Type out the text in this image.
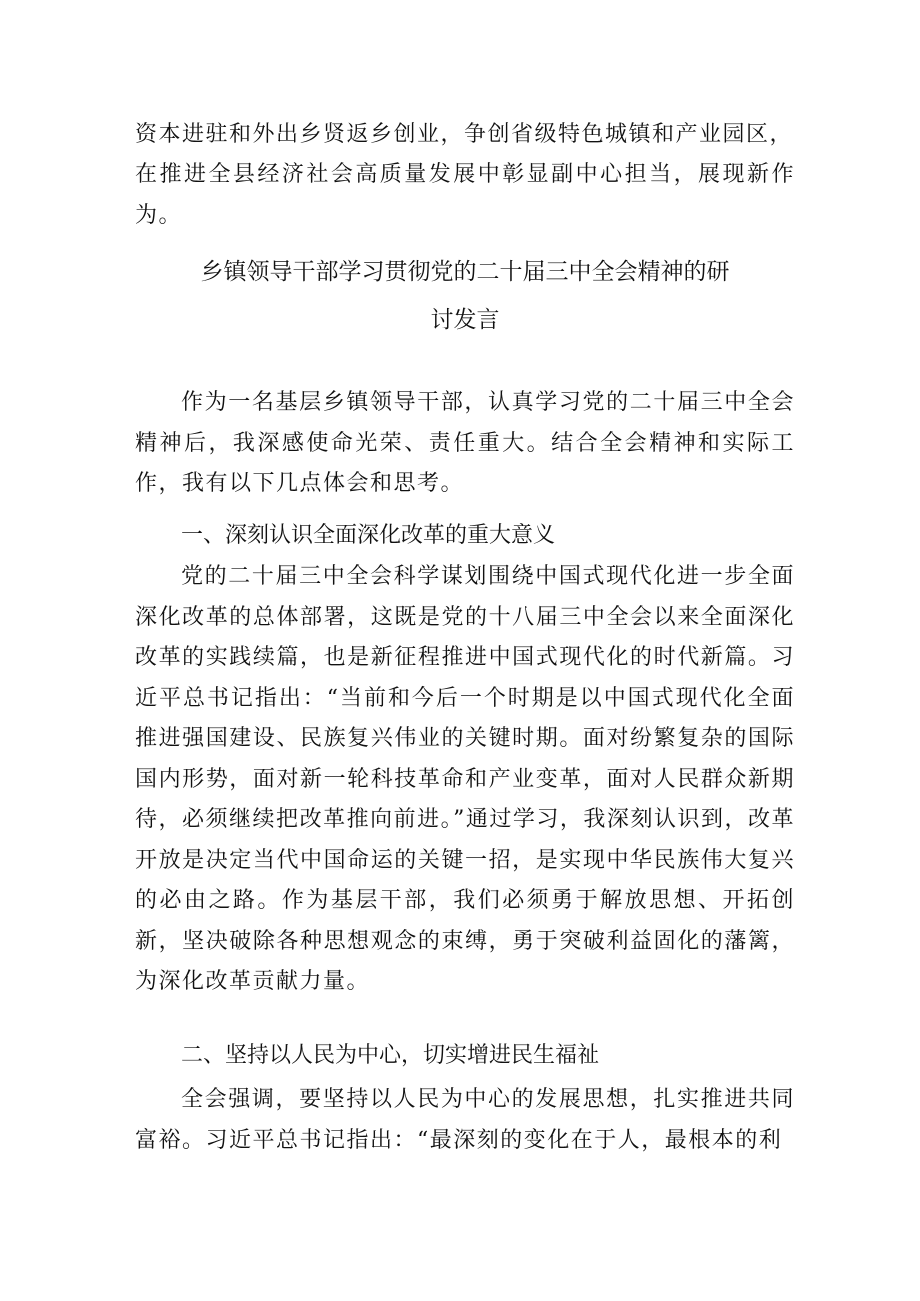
资本进驻和外出乡贤返乡创业，争创省级特色城镇和产业园区，

在推进全县经济社会高质量发展中彰显副中心担当，展现新作为。

乡镇领导干部学习贯彻党的二十届三中全会精神的研

讨发言

作为一名基层乡镇领导干部，认真学习党的二十届三中全会精神后，我深感使命光荣、责任重大。结合全会精神和实际工作，我有以下几点体会和思考。

一、深刻认识全面深化改革的重大意义

党的二十届三中全会科学谋划围绕中国式现代化进一步全面深化改革的总体部署，这既是党的十八届三中全会以来全面深化改革的实践续篇，也是新征程推进中国式现代化的时代新篇。习近平总书记指出：“当前和今后一个时期是以中国式现代化全面推进强国建设、民族复兴伟业的关键时期。面对纷繁复杂的国际国内形势，面对新一轮科技革命和产业变革，面对人民群众新期待，必须继续把改革推向前进。”通过学习，我深刻认识到，改革开放是决定当代中国命运的关键一招，是实现中华民族伟大复兴的必由之路。作为基层干部，我们必须勇于解放思想、开拓创新，坚决破除各种思想观念的束缚，勇于突破利益固化的藩篱，为深化改革贡献力量。

二、坚持以人民为中心，切实增进民生福祉

全会强调，要坚持以人民为中心的发展思想，扎实推进共同富裕。习近平总书记指出：“最深刻的变化在于人，最根本的利
